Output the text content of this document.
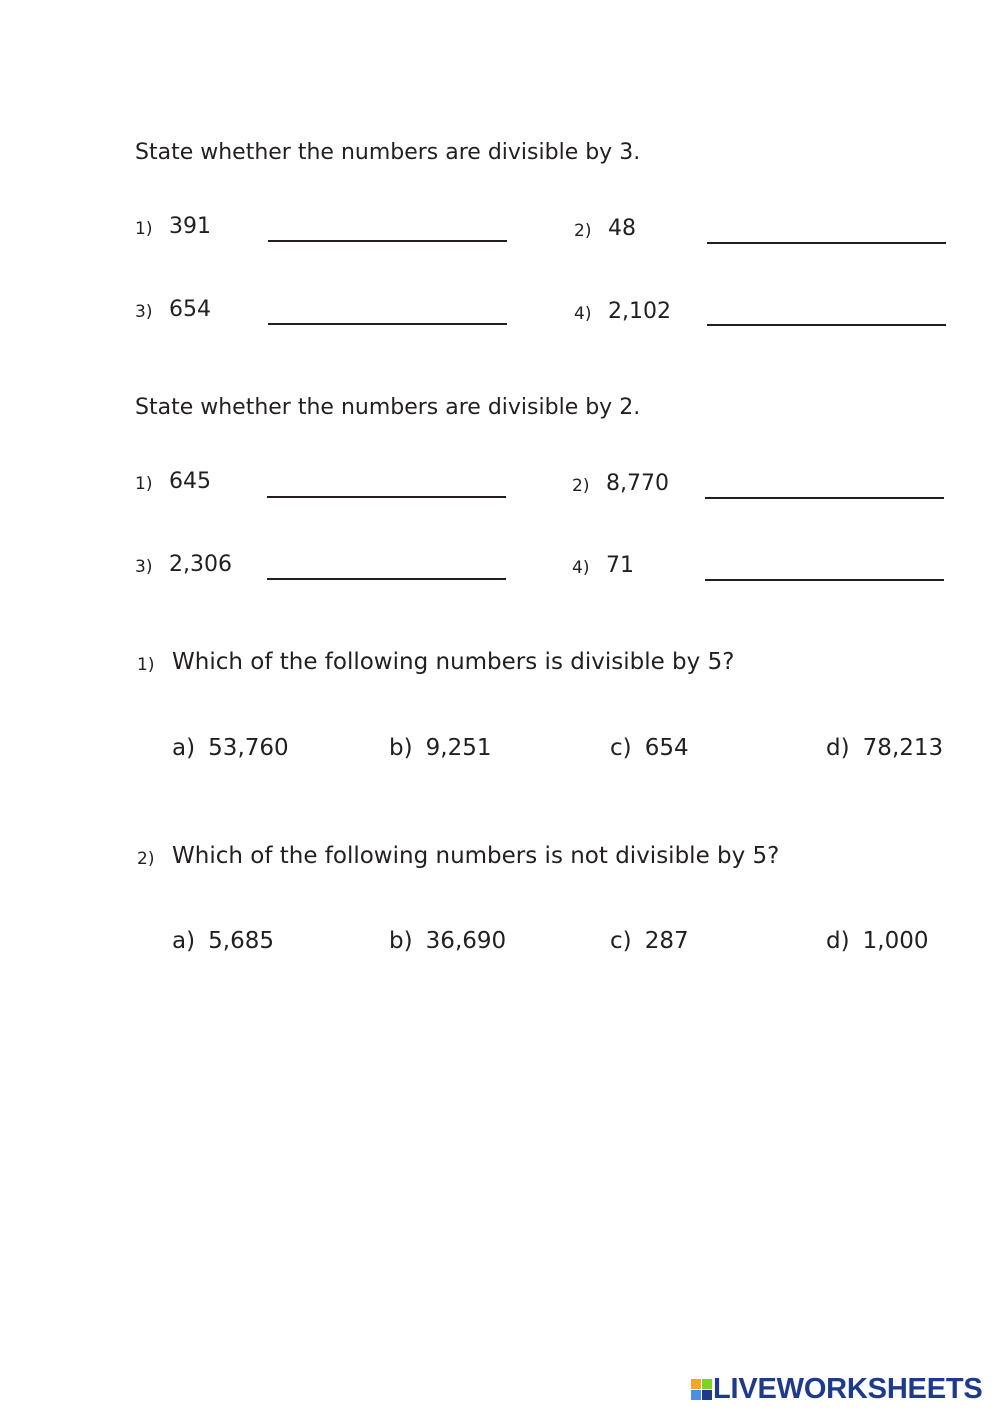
State whether the numbers are divisible by 3.
1) 391	2) 48
3) 654	4) 2,102
State whether the numbers are divisible by 2.
1) 645	2) 8,770
3) 2,306	4) 71
1) Which of the following numbers is divisible by 5?
a) 53,760	b) 9,251	c) 654	d) 78,213
2) Which of the following numbers is not divisible by 5?
a) 5,685	b) 36,690	c) 287	d) 1,000
LIVEWORKSHEETS
